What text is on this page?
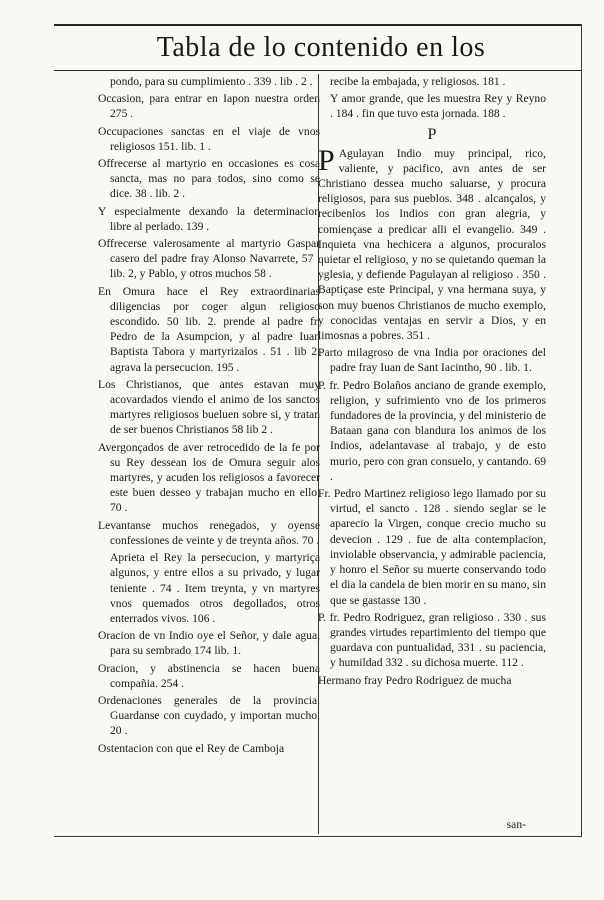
Tabla de lo contenido en los
pondo, para su cumplimiento . 339 . lib . 2 .
Occasion, para entrar en Iapon nuestra orden 275 .
Occupaciones sanctas en el viaje de vnos religiosos 151. lib. 1 .
Offrecerse al martyrio en occasiones es cosa sancta, mas no para todos, sino como se dice. 38 . lib. 2 .
Y especialmente dexando la determinacion libre al perlado. 139 .
Offrecerse valerosamente al martyrio Gaspar casero del padre fray Alonso Navarrete, 57 . lib. 2, y Pablo, y otros muchos 58 .
En Omura hace el Rey extraordinarias diligencias por coger algun religioso escondido. 50 lib. 2. prende al padre fr. Pedro de la Asumpcion, y al padre Iuan Baptista Tabora y martyrizalos . 51 . lib 2. agrava la persecucion. 195 .
Los Christianos, que antes estavan muy acovardados viendo el animo de los sanctos martyres religiosos bueluen sobre si, y tratan de ser buenos Christianos 58 lib 2 .
Avergonçados de aver retrocedido de la fe por su Rey dessean los de Omura seguir alos martyres, y acuden los religiosos a favorecer este buen desseo y trabajan mucho en ello. 70 .
Levantanse muchos renegados, y oyense confessiones de veinte y de treynta años. 70 .
Aprieta el Rey la persecucion, y martyriça algunos, y entre ellos a su privado, y lugar teniente . 74 . Item treynta, y vn martyres vnos quemados otros degollados, otros enterrados vivos. 106 .
Oracion de vn Indio oye el Señor, y dale agua, para su sembrado 174 lib. 1.
Oracion, y abstinencia se hacen buena compañia. 254 .
Ordenaciones generales de la provincia. Guardanse con cuydado, y importan mucho. 20 .
Ostentacion con que el Rey de Camboja
recibe la embajada, y religiosos. 181 .
Y amor grande, que les muestra Rey y Reyno . 184 . fin que tuvo esta jornada. 188 .
P
P Agulayan Indio muy principal, rico, valiente, y pacifico, avn antes de ser Christiano dessea mucho saluarse, y procura religiosos, para sus pueblos. 348 . alcançalos, y recibenlos los Indios con gran alegria, y comiençase a predicar alli el evangelio. 349 . Inquieta vna hechicera a algunos, procuralos quietar el religioso, y no se quietando queman la yglesia, y defiende Pagulayan al religioso . 350 . Baptiçase este Principal, y vna hermana suya, y son muy buenos Christianos de mucho exemplo, y conocidas ventajas en servir a Dios, y en limosnas a pobres. 351 .
Parto milagroso de vna India por oraciones del padre fray Iuan de Sant Iacintho, 90 . lib. 1.
P. fr. Pedro Bolaños anciano de grande exemplo, religion, y sufrimiento vno de los primeros fundadores de la provincia, y del ministerio de Bataan gana con blandura los animos de los Indios, adelantavase al trabajo, y de esto murio, pero con gran consuelo, y cantando. 69 .
Fr. Pedro Martinez religioso lego llamado por su virtud, el sancto . 128 . siendo seglar se le aparecio la Virgen, conque crecio mucho su devecion . 129 . fue de alta contemplacion, inviolable observancia, y admirable paciencia, y honro el Señor su muerte conservando todo el dia la candela de bien morir en su mano, sin que se gastasse 130 .
P. fr. Pedro Rodriguez, gran religioso . 330 . sus grandes virtudes repartimiento del tiempo que guardava con puntualidad, 331 . su paciencia, y humildad 332 . su dichosa muerte. 112 .
Hermano fray Pedro Rodriguez de mucha
san-
